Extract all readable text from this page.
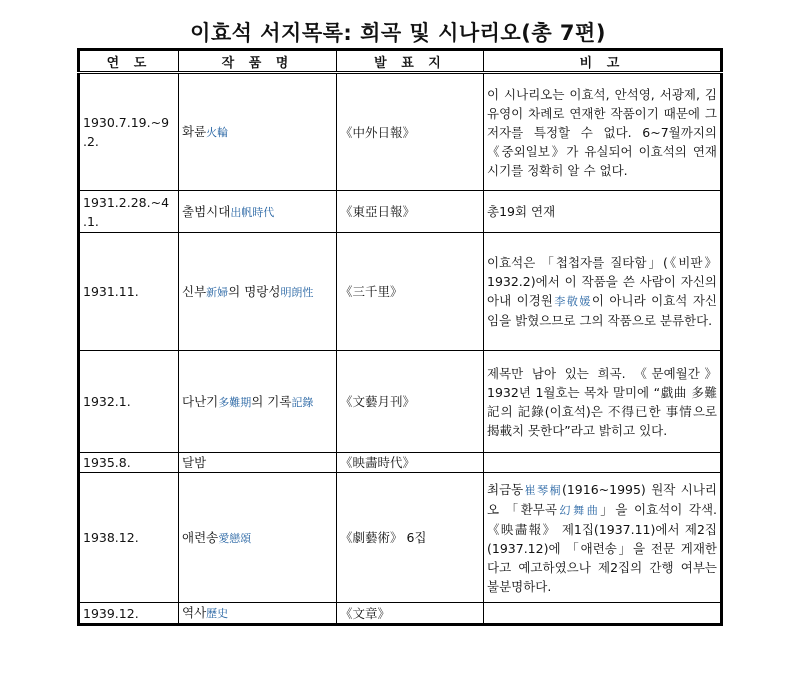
이효석 서지목록: 희곡 및 시나리오(총 7편)
연 도	작 품 명	발 표 지	비 고
1930.7.19.~9 .2.	화륜火輪	《中外日報》	이 시나리오는 이효석, 안석영, 서광제, 김유영이 차례로 연재한 작품이기 때문에 그 저자를 특정할 수 없다. 6~7월까지의 《중외일보》가 유실되어 이효석의 연재시기를 정확히 알 수 없다.
1931.2.28.~4 .1.	출범시대出帆時代	《東亞日報》	총19회 연재
1931.11.	신부新婦의 명랑성明朗性	《三千里》	이효석은 「첩첩자를 질타함」(《비판》 1932.2)에서 이 작품을 쓴 사람이 자신의 아내 이경원李敬媛이 아니라 이효석 자신임을 밝혔으므로 그의 작품으로 분류한다.
1932.1.	다난기多難期의 기록記錄	《文藝月刊》	제목만 남아 있는 희곡. 《문예월간》 1932년 1월호는 목차 말미에 “戱曲 多難記의 記錄(이효석)은 不得已한 事情으로 揭載치 못한다”라고 밝히고 있다.
1935.8.	달밤	《映畵時代》	
1938.12.	애련송愛戀頌	《劇藝術》 6집	최금동崔琴桐(1916~1995) 원작 시나리오 「환무곡幻舞曲」을 이효석이 각색. 《映畵報》 제1집(1937.11)에서 제2집(1937.12)에 「애련송」을 전문 게재한다고 예고하였으나 제2집의 간행 여부는 불분명하다.
1939.12.	역사歷史	《文章》	
